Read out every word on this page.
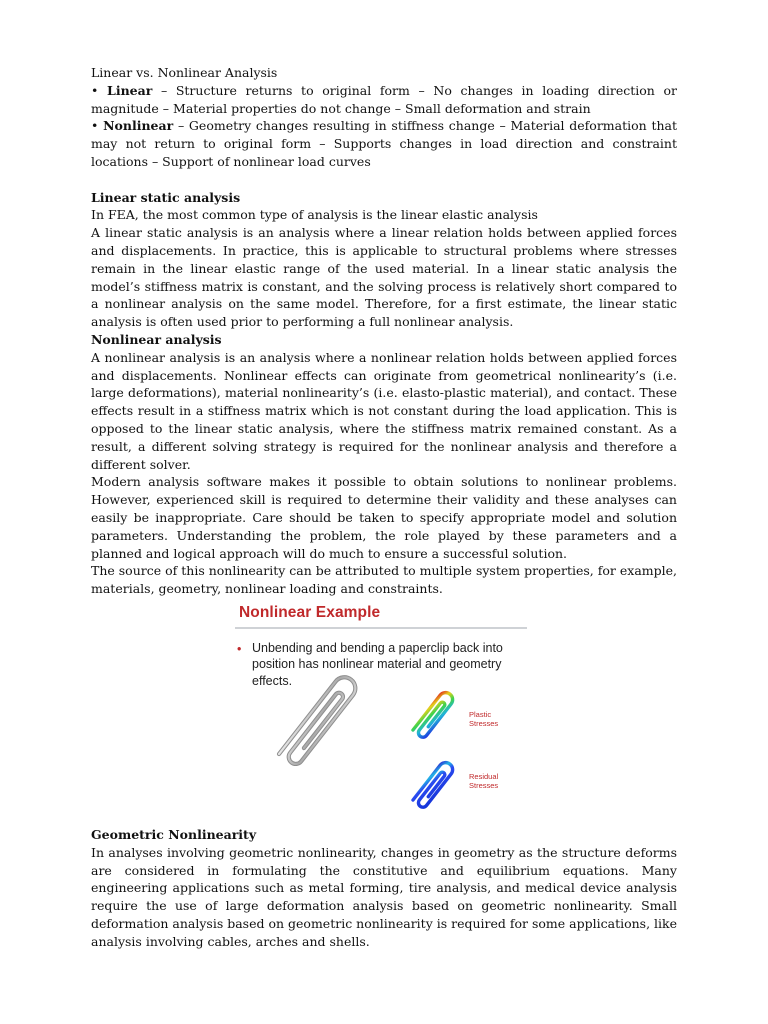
Linear vs. Nonlinear Analysis

• Linear – Structure returns to original form – No changes in loading direction or magnitude – Material properties do not change – Small deformation and strain

• Nonlinear – Geometry changes resulting in stiffness change – Material deformation that may not return to original form – Supports changes in load direction and constraint locations – Support of nonlinear load curves

Linear static analysis

In FEA, the most common type of analysis is the linear elastic analysis

A linear static analysis is an analysis where a linear relation holds between applied forces and displacements. In practice, this is applicable to structural problems where stresses remain in the linear elastic range of the used material. In a linear static analysis the model’s stiffness matrix is constant, and the solving process is relatively short compared to a nonlinear analysis on the same model. Therefore, for a first estimate, the linear static analysis is often used prior to performing a full nonlinear analysis.

Nonlinear analysis

A nonlinear analysis is an analysis where a nonlinear relation holds between applied forces and displacements. Nonlinear effects can originate from geometrical nonlinearity’s (i.e. large deformations), material nonlinearity’s (i.e. elasto-plastic material), and contact. These effects result in a stiffness matrix which is not constant during the load application. This is opposed to the linear static analysis, where the stiffness matrix remained constant. As a result, a different solving strategy is required for the nonlinear analysis and therefore a different solver.

Modern analysis software makes it possible to obtain solutions to nonlinear problems. However, experienced skill is required to determine their validity and these analyses can easily be inappropriate. Care should be taken to specify appropriate model and solution parameters. Understanding the problem, the role played by these parameters and a planned and logical approach will do much to ensure a successful solution.

The source of this nonlinearity can be attributed to multiple system properties, for example, materials, geometry, nonlinear loading and constraints.

Nonlinear Example
• Unbending and bending a paperclip back into position has nonlinear material and geometry effects.
Plastic Stresses
Residual Stresses

Geometric Nonlinearity

In analyses involving geometric nonlinearity, changes in geometry as the structure deforms are considered in formulating the constitutive and equilibrium equations. Many engineering applications such as metal forming, tire analysis, and medical device analysis require the use of large deformation analysis based on geometric nonlinearity. Small deformation analysis based on geometric nonlinearity is required for some applications, like analysis involving cables, arches and shells.
